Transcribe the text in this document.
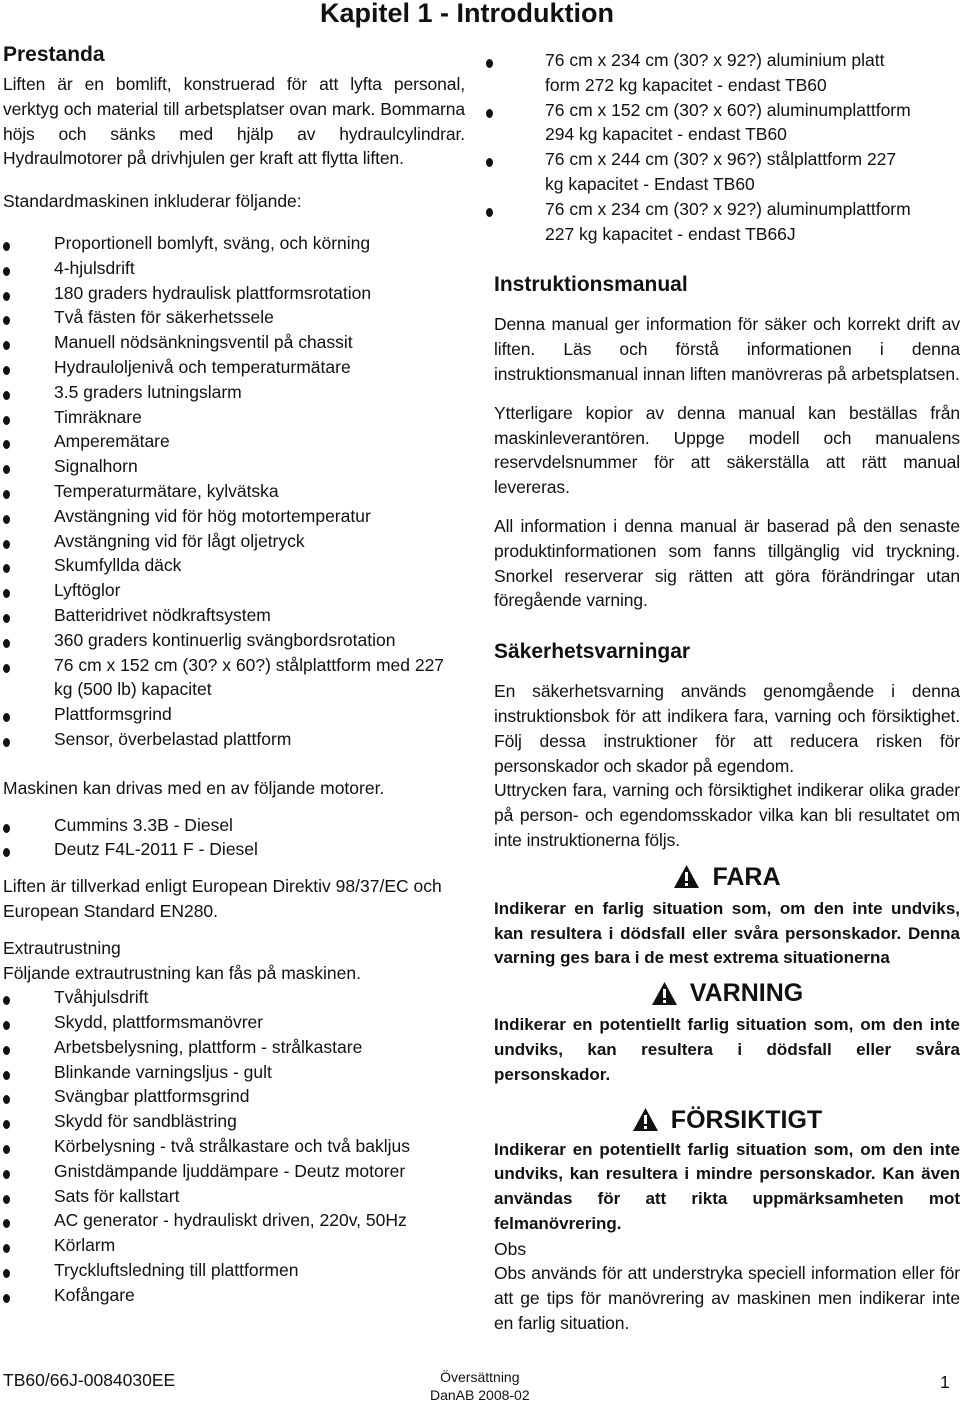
Kapitel 1 - Introduktion
Prestanda

Liften är en bomlift, konstruerad för att lyfta personal, verktyg och material till arbetsplatser ovan mark. Bommarna höjs och sänks med hjälp av hydraulcylindrar. Hydraulmotorer på drivhjulen ger kraft att flytta liften.

Standardmaskinen inkluderar följande:

Proportionell bomlyft, sväng, och körning
4-hjulsdrift
180 graders hydraulisk plattformsrotation
Två fästen för säkerhetssele
Manuell nödsänkningsventil på chassit
Hydrauloljenivå och temperaturmätare
3.5 graders lutningslarm
Timräknare
Amperemätare
Signalhorn
Temperaturmätare, kylvätska
Avstängning vid för hög motortemperatur
Avstängning vid för lågt oljetryck
Skumfyllda däck
Lyftöglor
Batteridrivet nödkraftsystem
360 graders kontinuerlig svängbordsrotation
76 cm x 152 cm (30? x 60?) stålplattform med 227 kg (500 lb) kapacitet
Plattformsgrind
Sensor, överbelastad plattform

Maskinen kan drivas med en av följande motorer.

Cummins 3.3B - Diesel
Deutz F4L-2011 F - Diesel

Liften är tillverkad enligt European Direktiv 98/37/EC och European Standard EN280.

Extrautrustning

Följande extrautrustning kan fås på maskinen.

Tvåhjulsdrift
Skydd, plattformsmanövrer
Arbetsbelysning, plattform - strålkastare
Blinkande varningsljus - gult
Svängbar plattformsgrind
Skydd för sandblästring
Körbelysning - två strålkastare och två bakljus
Gnistdämpande ljuddämpare - Deutz motorer
Sats för kallstart
AC generator - hydrauliskt driven, 220v, 50Hz
Körlarm
Tryckluftsledning till plattformen
Kofångare
76 cm x 234 cm (30? x 92?) aluminium platt form 272 kg kapacitet - endast TB60
76 cm x 152 cm (30? x 60?) aluminumplattform 294 kg kapacitet - endast TB60
76 cm x 244 cm (30? x 96?) stålplattform 227 kg kapacitet - Endast TB60
76 cm x 234 cm (30? x 92?) aluminumplattform 227 kg kapacitet - endast TB66J
Instruktionsmanual

Denna manual ger information för säker och korrekt drift av liften. Läs och förstå informationen i denna instruktionsmanual innan liften manövreras på arbetsplatsen.

Ytterligare kopior av denna manual kan beställas från maskinleverantören. Uppge modell och manualens reservdelsnummer för att säkerställa att rätt manual levereras.

All information i denna manual är baserad på den senaste produktinformationen som fanns tillgänglig vid tryckning. Snorkel reserverar sig rätten att göra förändringar utan föregående varning.

Säkerhetsvarningar

En säkerhetsvarning används genomgående i denna instruktionsbok för att indikera fara, varning och försiktighet. Följ dessa instruktioner för att reducera risken för personskador och skador på egendom.

Uttrycken fara, varning och försiktighet indikerar olika grader på person- och egendomsskador vilka kan bli resultatet om inte instruktionerna följs.

FARA

Indikerar en farlig situation som, om den inte undviks, kan resultera i dödsfall eller svåra personskador. Denna varning ges bara i de mest extrema situationerna

VARNING

Indikerar en potentiellt farlig situation som, om den inte undviks, kan resultera i dödsfall eller svåra personskador.

FÖRSIKTIGT

Indikerar en potentiellt farlig situation som, om den inte undviks, kan resultera i mindre personskador. Kan även användas för att rikta uppmärksamheten mot felmanövrering.

Obs

Obs används för att understryka speciell information eller för att ge tips för manövrering av maskinen men indikerar inte en farlig situation.

TB60/66J-0084030EE	Översättning
DanAB 2008-02
1
